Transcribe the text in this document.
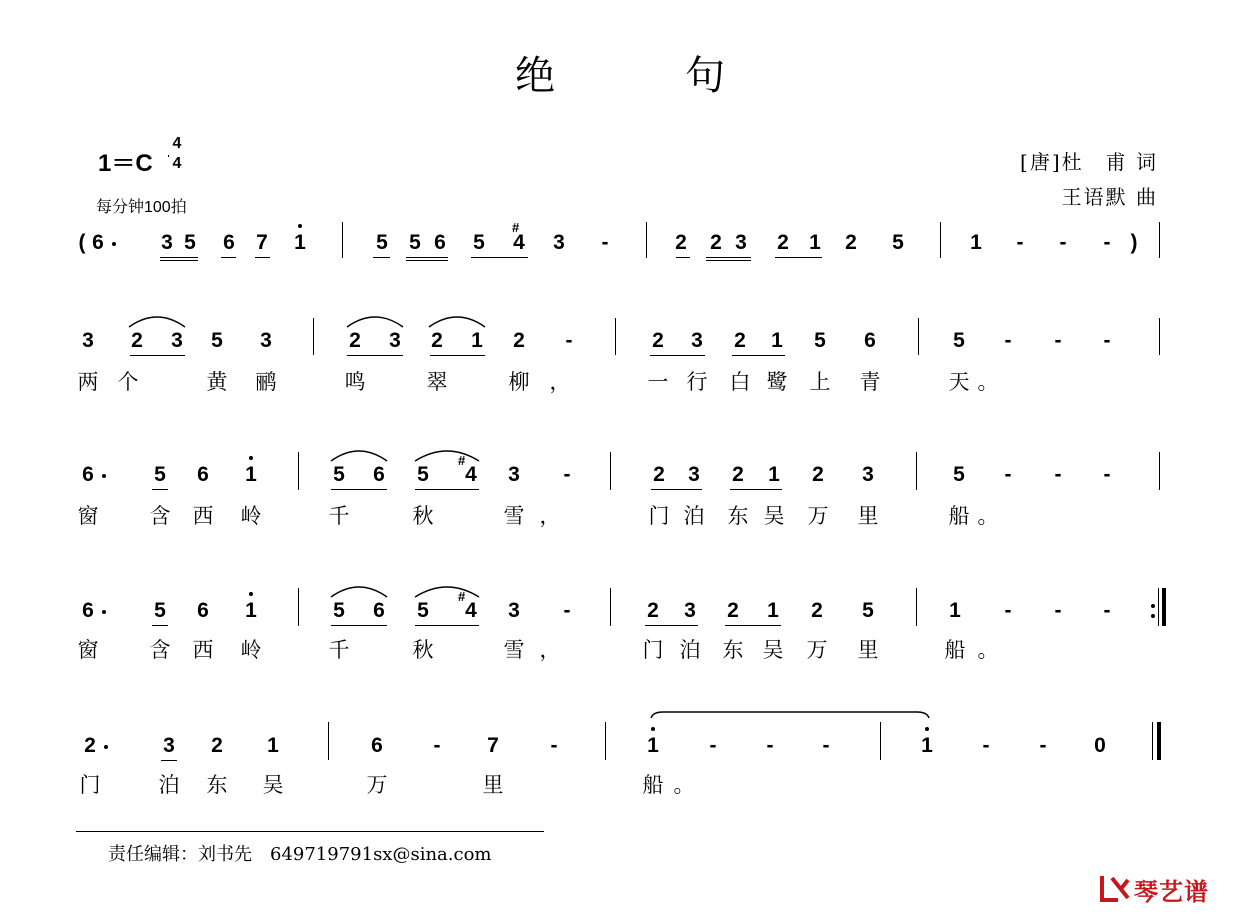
绝句
1＝C
4
4
每分钟100拍
[唐]杜　甫 词
王语默 曲
( 6	3 5 6 7 1	5 5 6 5 4 3	-	2 2 3 2 1 2 5	1	-	-	- )
#
3 2 3 5 3	2 3 2 1 2	-	2 3 2 1 5 6	5	-	-	-
两 个	黄 鹂	鸣	翠	柳 ，	一 行 白 鹭 上 青	天 。
6	5 6 1	5 6 5 4 3	-	2 3 2 1 2 3	5	-	-	-
#
窗 含 西 岭	千	秋	雪 ，	门 泊 东 吴 万 里	船 。
6	5 6 1	5 6 5 4 3	-	2 3 2 1 2 5	1	-	-	-
#
窗 含 西 岭	千	秋	雪 ，	门 泊 东 吴 万 里	船 。
2	3 2 1	6	-	7	-	1	-	-	-	1	-	-	0
门	泊 东 吴	万	里	船 。
责任编辑：刘书先　649719791sx@sina.com
琴艺谱
